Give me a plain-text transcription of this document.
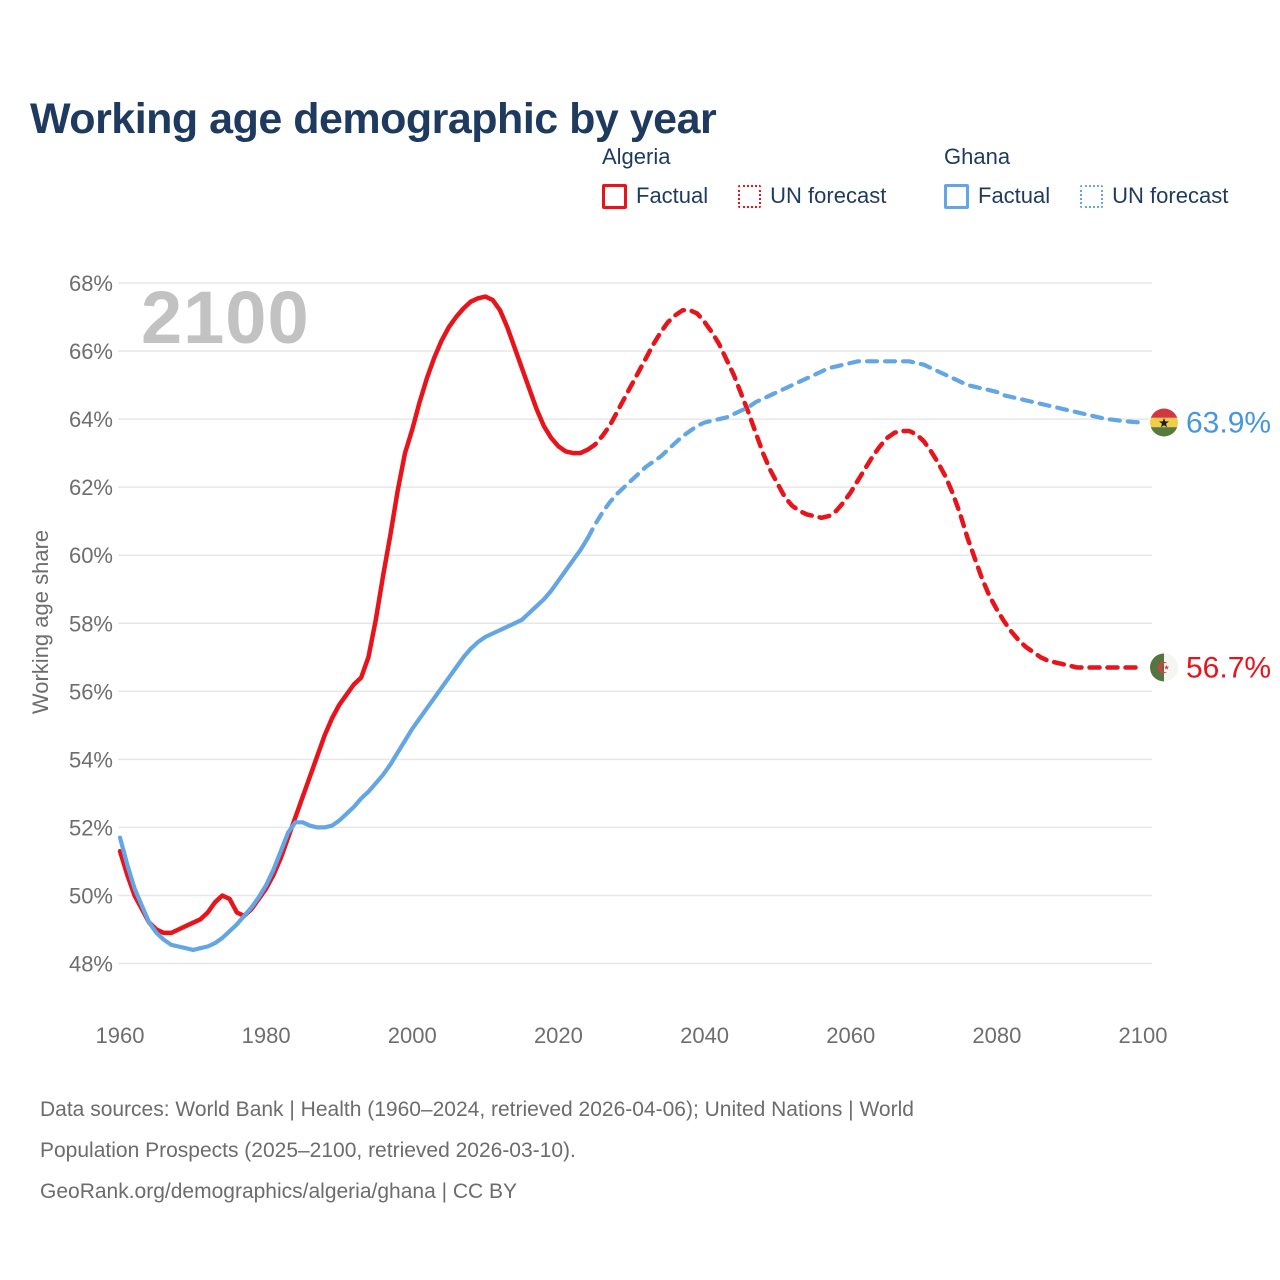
Working age demographic by year
2100
Algeria
Factual	UN forecast
Ghana
Factual	UN forecast
68%
66%
64%
62%
60%
58%
56%
54%
52%
50%
48%
1960	1980	2000	2020	2040	2060	2080	2100
Working age share
63.9%
56.7%
Data sources: World Bank | Health (1960–2024, retrieved 2026-04-06); United Nations | World
Population Prospects (2025–2100, retrieved 2026-03-10).
GeoRank.org/demographics/algeria/ghana | CC BY
